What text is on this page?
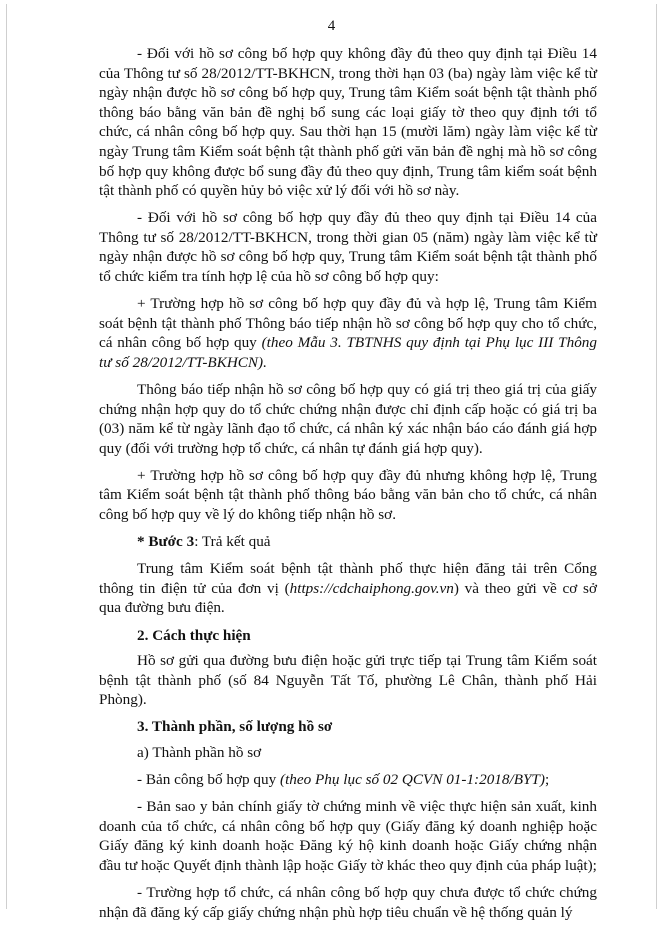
4

- Đối với hồ sơ công bố hợp quy không đầy đủ theo quy định tại Điều 14 của Thông tư số 28/2012/TT-BKHCN, trong thời hạn 03 (ba) ngày làm việc kể từ ngày nhận được hồ sơ công bố hợp quy, Trung tâm Kiểm soát bệnh tật thành phố thông báo bằng văn bản đề nghị bổ sung các loại giấy tờ theo quy định tới tổ chức, cá nhân công bố hợp quy. Sau thời hạn 15 (mười lăm) ngày làm việc kể từ ngày Trung tâm Kiểm soát bệnh tật thành phố gửi văn bản đề nghị mà hồ sơ công bố hợp quy không được bổ sung đầy đủ theo quy định, Trung tâm kiểm soát bệnh tật thành phố có quyền hủy bỏ việc xử lý đối với hồ sơ này.

- Đối với hồ sơ công bố hợp quy đầy đủ theo quy định tại Điều 14 của Thông tư số 28/2012/TT-BKHCN, trong thời gian 05 (năm) ngày làm việc kể từ ngày nhận được hồ sơ công bố hợp quy, Trung tâm Kiểm soát bệnh tật thành phố tổ chức kiểm tra tính hợp lệ của hồ sơ công bố hợp quy:

+ Trường hợp hồ sơ công bố hợp quy đầy đủ và hợp lệ, Trung tâm Kiểm soát bệnh tật thành phố Thông báo tiếp nhận hồ sơ công bố hợp quy cho tổ chức, cá nhân công bố hợp quy (theo Mẫu 3. TBTNHS quy định tại Phụ lục III Thông tư số 28/2012/TT-BKHCN).

Thông báo tiếp nhận hồ sơ công bố hợp quy có giá trị theo giá trị của giấy chứng nhận hợp quy do tổ chức chứng nhận được chỉ định cấp hoặc có giá trị ba (03) năm kể từ ngày lãnh đạo tổ chức, cá nhân ký xác nhận báo cáo đánh giá hợp quy (đối với trường hợp tổ chức, cá nhân tự đánh giá hợp quy).

+ Trường hợp hồ sơ công bố hợp quy đầy đủ nhưng không hợp lệ, Trung tâm Kiểm soát bệnh tật thành phố thông báo bằng văn bản cho tổ chức, cá nhân công bố hợp quy về lý do không tiếp nhận hồ sơ.

* Bước 3: Trả kết quả

Trung tâm Kiểm soát bệnh tật thành phố thực hiện đăng tải trên Cổng thông tin điện tử của đơn vị (https://cdchaiphong.gov.vn) và theo gửi về cơ sở qua đường bưu điện.

2. Cách thực hiện

Hồ sơ gửi qua đường bưu điện hoặc gửi trực tiếp tại Trung tâm Kiểm soát bệnh tật thành phố (số 84 Nguyễn Tất Tố, phường Lê Chân, thành phố Hải Phòng).

3. Thành phần, số lượng hồ sơ

a) Thành phần hồ sơ

- Bản công bố hợp quy (theo Phụ lục số 02 QCVN 01-1:2018/BYT);

- Bản sao y bản chính giấy tờ chứng minh về việc thực hiện sản xuất, kinh doanh của tổ chức, cá nhân công bố hợp quy (Giấy đăng ký doanh nghiệp hoặc Giấy đăng ký kinh doanh hoặc Đăng ký hộ kinh doanh hoặc Giấy chứng nhận đầu tư hoặc Quyết định thành lập hoặc Giấy tờ khác theo quy định của pháp luật);

- Trường hợp tổ chức, cá nhân công bố hợp quy chưa được tổ chức chứng nhận đã đăng ký cấp giấy chứng nhận phù hợp tiêu chuẩn về hệ thống quản lý
